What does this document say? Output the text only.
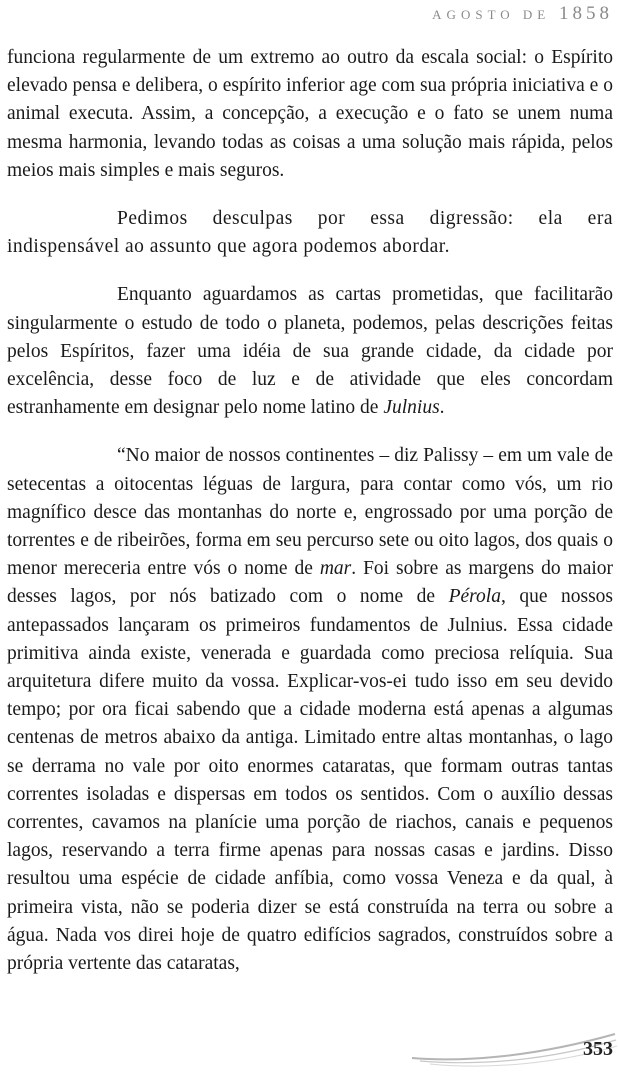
AGOSTO DE 1858

funciona regularmente de um extremo ao outro da escala social: o Espírito elevado pensa e delibera, o espírito inferior age com sua própria iniciativa e o animal executa. Assim, a concepção, a execução e o fato se unem numa mesma harmonia, levando todas as coisas a uma solução mais rápida, pelos meios mais simples e mais seguros.

Pedimos desculpas por essa digressão: ela era indispensável ao assunto que agora podemos abordar.

Enquanto aguardamos as cartas prometidas, que facilitarão singularmente o estudo de todo o planeta, podemos, pelas descrições feitas pelos Espíritos, fazer uma idéia de sua grande cidade, da cidade por excelência, desse foco de luz e de atividade que eles concordam estranhamente em designar pelo nome latino de Julnius.

“No maior de nossos continentes – diz Palissy – em um vale de setecentas a oitocentas léguas de largura, para contar como vós, um rio magnífico desce das montanhas do norte e, engrossado por uma porção de torrentes e de ribeirões, forma em seu percurso sete ou oito lagos, dos quais o menor mereceria entre vós o nome de mar. Foi sobre as margens do maior desses lagos, por nós batizado com o nome de Pérola, que nossos antepassados lançaram os primeiros fundamentos de Julnius. Essa cidade primitiva ainda existe, venerada e guardada como preciosa relíquia. Sua arquitetura difere muito da vossa. Explicar-vos-ei tudo isso em seu devido tempo; por ora ficai sabendo que a cidade moderna está apenas a algumas centenas de metros abaixo da antiga. Limitado entre altas montanhas, o lago se derrama no vale por oito enormes cataratas, que formam outras tantas correntes isoladas e dispersas em todos os sentidos. Com o auxílio dessas correntes, cavamos na planície uma porção de riachos, canais e pequenos lagos, reservando a terra firme apenas para nossas casas e jardins. Disso resultou uma espécie de cidade anfíbia, como vossa Veneza e da qual, à primeira vista, não se poderia dizer se está construída na terra ou sobre a água. Nada vos direi hoje de quatro edifícios sagrados, construídos sobre a própria vertente das cataratas,

353
